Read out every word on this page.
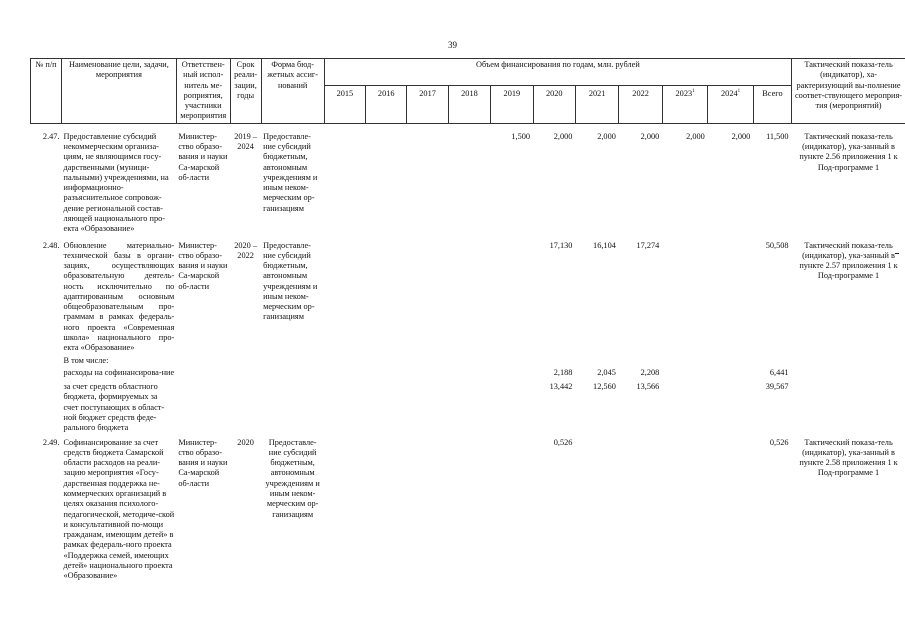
39
№ п/п	Наименование цели, задачи, мероприятия	Ответствен-ный испол-нитель ме-роприятия, участники мероприятия	Срок реали-зации, годы	Форма бюд-жетных ассиг-нований	Объем финансирования по годам, млн. рублей											Тактический показа-тель (индикатор), ха-рактеризующий вы-полнение соответ-ствующего мероприя-тия (мероприятий)
					2015	2016	2017	2018	2019	2020	2021	2022	2023$^1$	2024$^1$	Всего	
2.47.	Предоставление субсидий некоммерческим организа-циям, не являющимся госу-дарственными (муници-пальными) учреждениями, на информационно-разъяснительное сопровож-дение региональной состав-ляющей национального про-екта «Образование»	Министер-ство образо-вания и науки Са-марской об-ласти	2019 – 2024	Предоставле-ние субсидий бюджетным, автономным учреждениям и иным неком-мерческим ор-ганизациям					1,500	2,000	2,000	2,000	2,000	2,000	11,500	Тактический показа-тель (индикатор), ука-занный в пункте 2.56 приложения 1 к Под-программе 1
2.48.	Обновление материально-технической базы в органи-зациях, осуществляющих образовательную деятель-ность исключительно по адаптированным основным общеобразовательным про-граммам в рамках федераль-ного проекта «Современная школа» национального про-екта «Образование»	Министер-ство образо-вания и науки Са-марской об-ласти	2020 – 2022	Предоставле-ние субсидий бюджетным, автономным учреждениям и иным неком-мерческим ор-ганизациям						17,130	16,104	17,274			50,508	Тактический показа-тель (индикатор), ука-занный в пункте 2.57 приложения 1 к Под-программе 1
	В том числе:															
	расходы на софинансирова-ние									2,188	2,045	2,208			6,441	
	за счет средств областного бюджета, формируемых за счет поступающих в област-ной бюджет средств феде-рального бюджета									13,442	12,560	13,566			39,567	
2.49.	Софинансирование за счет средств бюджета Самарской области расходов на реали-зацию мероприятия «Госу-дарственная поддержка не-коммерческих организаций в целях оказания психолого-педагогической, методиче-ской и консультативной по-мощи гражданам, имеющим детей» в рамках федераль-ного проекта «Поддержка семей, имеющих детей» национального проекта «Образование»	Министер-ство образо-вания и науки Са-марской об-ласти	2020	Предоставле-ние субсидий бюджетным, автономным учреждениям и иным неком-мерческим ор-ганизациям						0,526					0,526	Тактический показа-тель (индикатор), ука-занный в пункте 2.58 приложения 1 к Под-программе 1
